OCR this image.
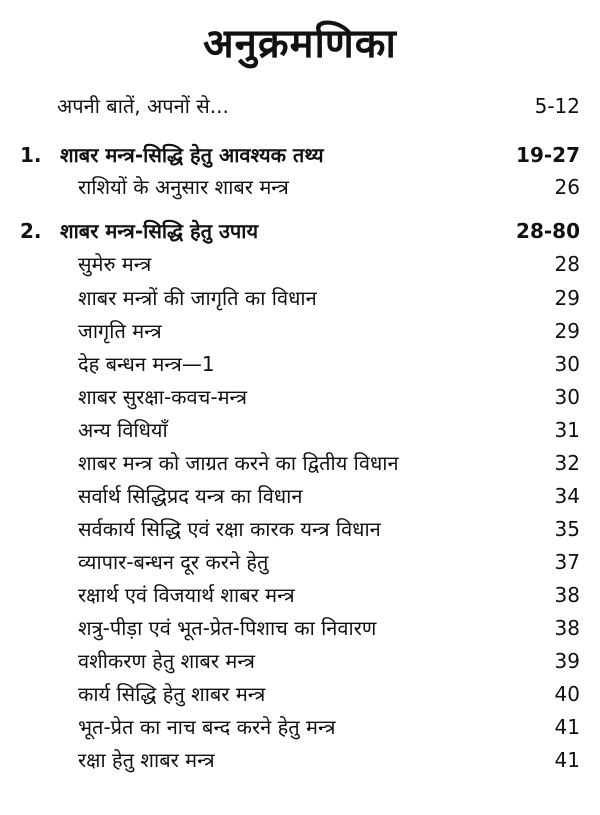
अनुक्रमणिका
अपनी बातें, अपनों से...	5-12
1. शाबर मन्त्र-सिद्धि हेतु आवश्यक तथ्य	19-27
राशियों के अनुसार शाबर मन्त्र	26
2. शाबर मन्त्र-सिद्धि हेतु उपाय	28-80
सुमेरु मन्त्र	28
शाबर मन्त्रों की जागृति का विधान	29
जागृति मन्त्र	29
देह बन्धन मन्त्र—1	30
शाबर सुरक्षा-कवच-मन्त्र	30
अन्य विधियाँ	31
शाबर मन्त्र को जाग्रत करने का द्वितीय विधान	32
सर्वार्थ सिद्धिप्रद यन्त्र का विधान	34
सर्वकार्य सिद्धि एवं रक्षा कारक यन्त्र विधान	35
व्यापार-बन्धन दूर करने हेतु	37
रक्षार्थ एवं विजयार्थ शाबर मन्त्र	38
शत्रु-पीड़ा एवं भूत-प्रेत-पिशाच का निवारण	38
वशीकरण हेतु शाबर मन्त्र	39
कार्य सिद्धि हेतु शाबर मन्त्र	40
भूत-प्रेत का नाच बन्द करने हेतु मन्त्र	41
रक्षा हेतु शाबर मन्त्र	41
